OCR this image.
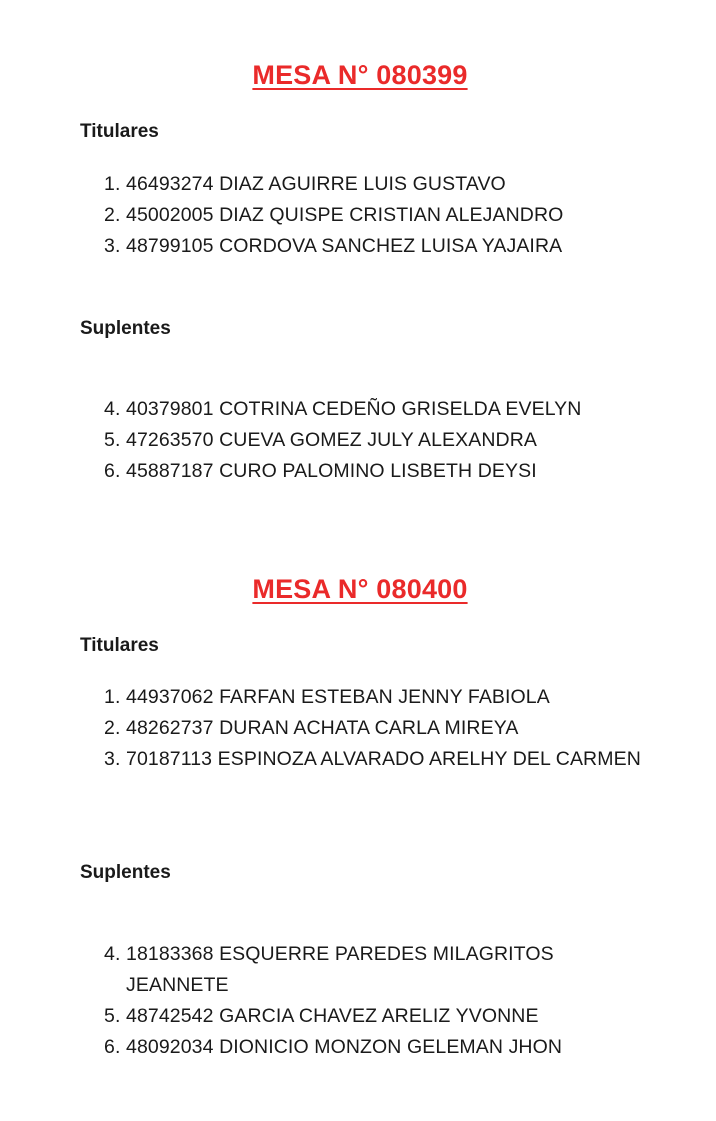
MESA N° 080399
Titulares
1. 46493274 DIAZ AGUIRRE LUIS GUSTAVO
2. 45002005 DIAZ QUISPE CRISTIAN ALEJANDRO
3. 48799105 CORDOVA SANCHEZ LUISA YAJAIRA
Suplentes
4. 40379801 COTRINA CEDEÑO GRISELDA EVELYN
5. 47263570 CUEVA GOMEZ JULY ALEXANDRA
6. 45887187 CURO PALOMINO LISBETH DEYSI
MESA N° 080400
Titulares
1. 44937062 FARFAN ESTEBAN JENNY FABIOLA
2. 48262737 DURAN ACHATA CARLA MIREYA
3. 70187113 ESPINOZA ALVARADO ARELHY DEL CARMEN
Suplentes
4. 18183368 ESQUERRE PAREDES MILAGRITOS JEANNETE
5. 48742542 GARCIA CHAVEZ ARELIZ YVONNE
6. 48092034 DIONICIO MONZON GELEMAN JHON
